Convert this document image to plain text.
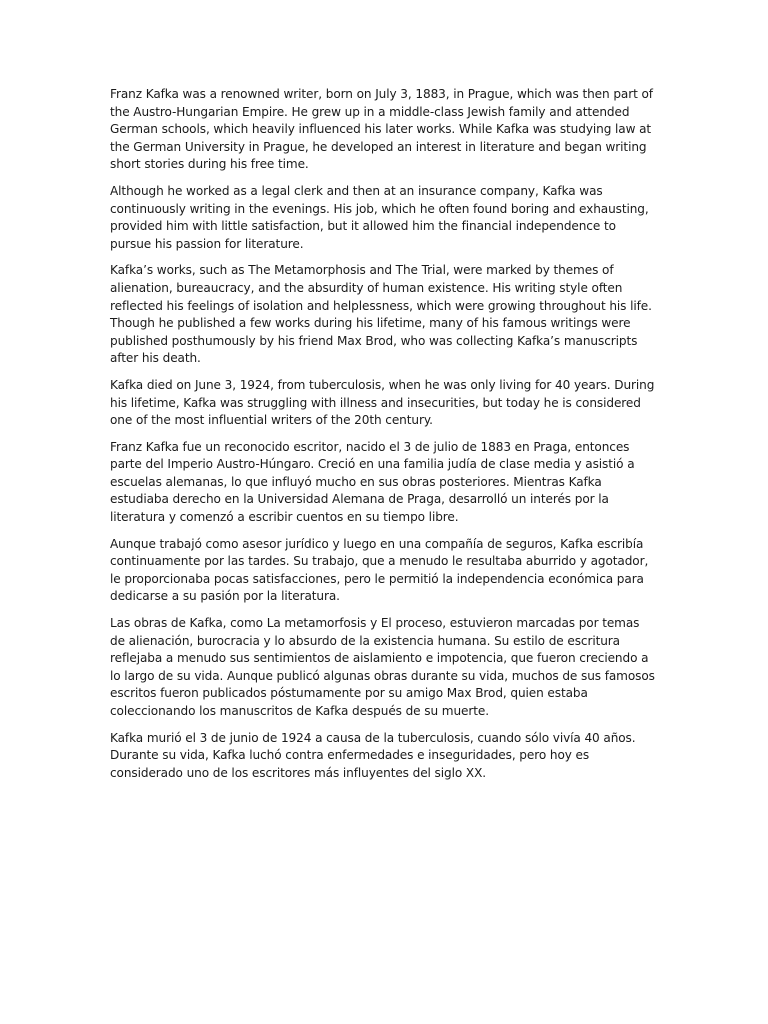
Franz Kafka was a renowned writer, born on July 3, 1883, in Prague, which was then part of the Austro-Hungarian Empire. He grew up in a middle-class Jewish family and attended German schools, which heavily influenced his later works. While Kafka was studying law at the German University in Prague, he developed an interest in literature and began writing short stories during his free time.

Although he worked as a legal clerk and then at an insurance company, Kafka was continuously writing in the evenings. His job, which he often found boring and exhausting, provided him with little satisfaction, but it allowed him the financial independence to pursue his passion for literature.

Kafka’s works, such as The Metamorphosis and The Trial, were marked by themes of alienation, bureaucracy, and the absurdity of human existence. His writing style often reflected his feelings of isolation and helplessness, which were growing throughout his life. Though he published a few works during his lifetime, many of his famous writings were published posthumously by his friend Max Brod, who was collecting Kafka’s manuscripts after his death.

Kafka died on June 3, 1924, from tuberculosis, when he was only living for 40 years. During his lifetime, Kafka was struggling with illness and insecurities, but today he is considered one of the most influential writers of the 20th century.

Franz Kafka fue un reconocido escritor, nacido el 3 de julio de 1883 en Praga, entonces parte del Imperio Austro-Húngaro. Creció en una familia judía de clase media y asistió a escuelas alemanas, lo que influyó mucho en sus obras posteriores. Mientras Kafka estudiaba derecho en la Universidad Alemana de Praga, desarrolló un interés por la literatura y comenzó a escribir cuentos en su tiempo libre.

Aunque trabajó como asesor jurídico y luego en una compañía de seguros, Kafka escribía continuamente por las tardes. Su trabajo, que a menudo le resultaba aburrido y agotador, le proporcionaba pocas satisfacciones, pero le permitió la independencia económica para dedicarse a su pasión por la literatura.

Las obras de Kafka, como La metamorfosis y El proceso, estuvieron marcadas por temas de alienación, burocracia y lo absurdo de la existencia humana. Su estilo de escritura reflejaba a menudo sus sentimientos de aislamiento e impotencia, que fueron creciendo a lo largo de su vida. Aunque publicó algunas obras durante su vida, muchos de sus famosos escritos fueron publicados póstumamente por su amigo Max Brod, quien estaba coleccionando los manuscritos de Kafka después de su muerte.

Kafka murió el 3 de junio de 1924 a causa de la tuberculosis, cuando sólo vivía 40 años. Durante su vida, Kafka luchó contra enfermedades e inseguridades, pero hoy es considerado uno de los escritores más influyentes del siglo XX.
